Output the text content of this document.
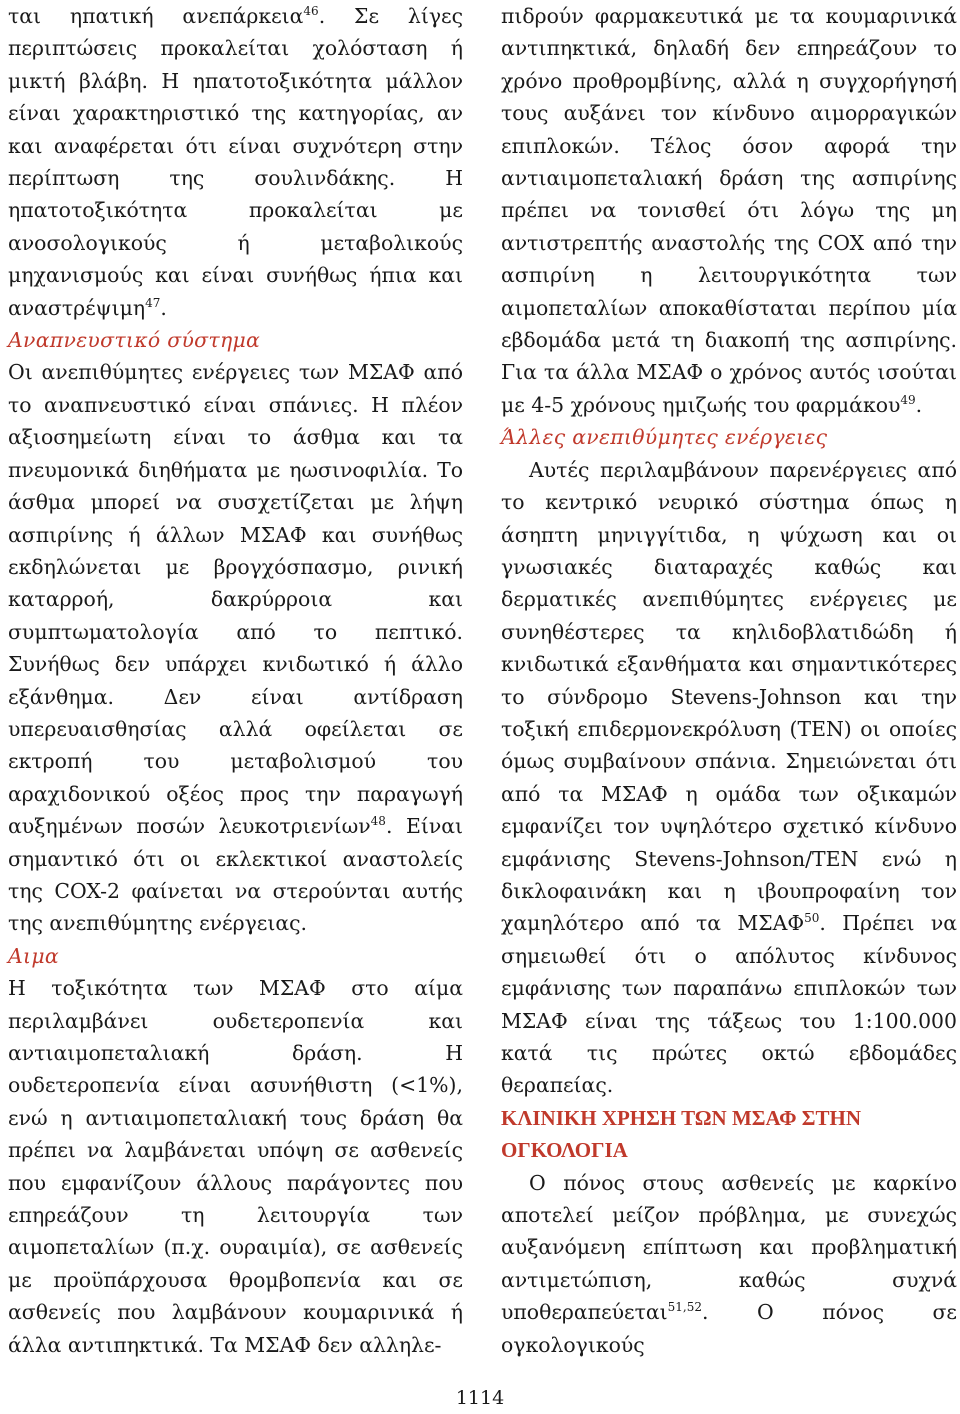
ται ηπατική ανεπάρκεια$^{46}$. Σε λίγες περιπτώσεις προκαλείται χολόσταση ή μικτή βλάβη. Η ηπατοτοξικότητα μάλλον είναι χαρακτηριστικό της κατηγορίας, αν και αναφέρεται ότι είναι συχνότερη στην περίπτωση της σουλινδάκης. Η ηπατοτοξικότητα προκαλείται με ανοσολογικούς ή μεταβολικούς μηχανισμούς και είναι συνήθως ήπια και αναστρέψιμη$^{47}$.

Αναπνευστικό σύστημα

Οι ανεπιθύμητες ενέργειες των ΜΣΑΦ από το αναπνευστικό είναι σπάνιες. Η πλέον αξιοσημείωτη είναι το άσθμα και τα πνευμονικά διηθήματα με ηωσινοφιλία. Το άσθμα μπορεί να συσχετίζεται με λήψη ασπιρίνης ή άλλων ΜΣΑΦ και συνήθως εκδηλώνεται με βρογχόσπασμο, ρινική καταρροή, δακρύρροια και συμπτωματολογία από το πεπτικό. Συνήθως δεν υπάρχει κνιδωτικό ή άλλο εξάνθημα. Δεν είναι αντίδραση υπερευαισθησίας αλλά οφείλεται σε εκτροπή του μεταβολισμού του αραχιδονικού οξέος προς την παραγωγή αυξημένων ποσών λευκοτριενίων$^{48}$. Είναι σημαντικό ότι οι εκλεκτικοί αναστολείς της COX-2 φαίνεται να στερούνται αυτής της ανεπιθύμητης ενέργειας.

Αιμα

Η τοξικότητα των ΜΣΑΦ στο αίμα περιλαμβάνει ουδετεροπενία και αντιαιμοπεταλιακή δράση. Η ουδετεροπενία είναι ασυνήθιστη (<1%), ενώ η αντιαιμοπεταλιακή τους δράση θα πρέπει να λαμβάνεται υπόψη σε ασθενείς που εμφανίζουν άλλους παράγοντες που επηρεάζουν τη λειτουργία των αιμοπεταλίων (π.χ. ουραιμία), σε ασθενείς με προϋπάρχουσα θρομβοπενία και σε ασθενείς που λαμβάνουν κουμαρινικά ή άλλα αντιπηκτικά. Τα ΜΣΑΦ δεν αλληλε-

πιδρούν φαρμακευτικά με τα κουμαρινικά αντιπηκτικά, δηλαδή δεν επηρεάζουν το χρόνο προθρομβίνης, αλλά η συγχορήγησή τους αυξάνει τον κίνδυνο αιμορραγικών επιπλοκών. Τέλος όσον αφορά την αντιαιμοπεταλιακή δράση της ασπιρίνης πρέπει να τονισθεί ότι λόγω της μη αντιστρεπτής αναστολής της COX από την ασπιρίνη η λειτουργικότητα των αιμοπεταλίων αποκαθίσταται περίπου μία εβδομάδα μετά τη διακοπή της ασπιρίνης. Για τα άλλα ΜΣΑΦ ο χρόνος αυτός ισούται με 4-5 χρόνους ημιζωής του φαρμάκου$^{49}$.

Άλλες ανεπιθύμητες ενέργειες

Αυτές περιλαμβάνουν παρενέργειες από το κεντρικό νευρικό σύστημα όπως η άσηπτη μηνιγγίτιδα, η ψύχωση και οι γνωσιακές διαταραχές καθώς και δερματικές ανεπιθύμητες ενέργειες με συνηθέστερες τα κηλιδοβλατιδώδη ή κνιδωτικά εξανθήματα και σημαντικότερες το σύνδρομο Stevens-Johnson και την τοξική επιδερμονεκρόλυση (TEN) οι οποίες όμως συμβαίνουν σπάνια. Σημειώνεται ότι από τα ΜΣΑΦ η ομάδα των οξικαμών εμφανίζει τον υψηλότερο σχετικό κίνδυνο εμφάνισης Stevens-Johnson/TEN ενώ η δικλοφαινάκη και η ιβουπροφαίνη τον χαμηλότερο από τα ΜΣΑΦ$^{50}$. Πρέπει να σημειωθεί ότι ο απόλυτος κίνδυνος εμφάνισης των παραπάνω επιπλοκών των ΜΣΑΦ είναι της τάξεως του 1:100.000 κατά τις πρώτες οκτώ εβδομάδες θεραπείας.

ΚΛΙΝΙΚΗ ΧΡΗΣΗ ΤΩΝ ΜΣΑΦ ΣΤΗΝ ΟΓΚΟΛΟΓΙΑ

Ο πόνος στους ασθενείς με καρκίνο αποτελεί μείζον πρόβλημα, με συνεχώς αυξανόμενη επίπτωση και προβληματική αντιμετώπιση, καθώς συχνά υποθεραπεύεται$^{51,52}$. Ο πόνος σε ογκολογικούς

1114
